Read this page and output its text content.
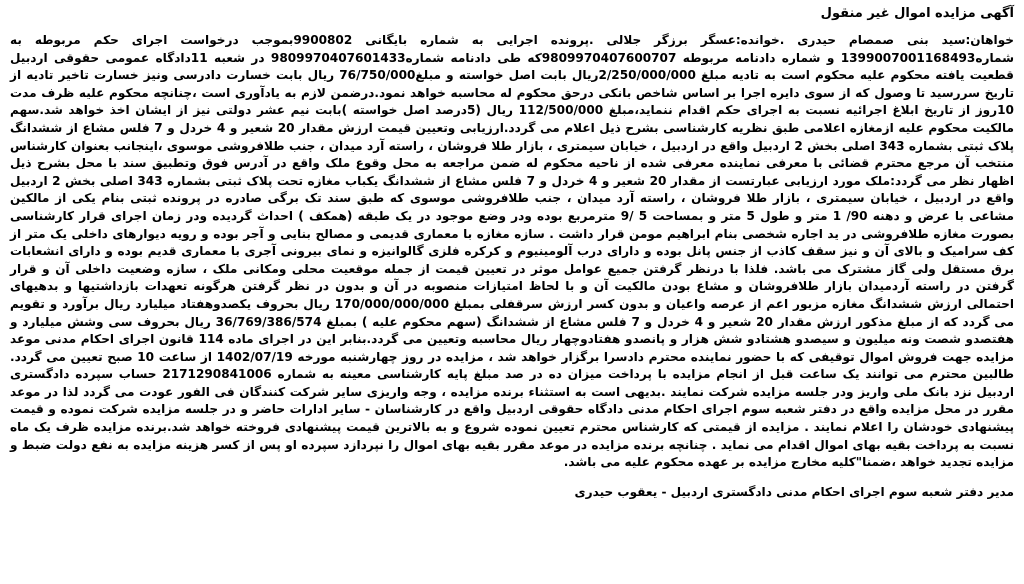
آگهی مزایده اموال غیر منقول

خواهان:سید بنی صمصام حیدری .خوانده:عسگر برزگر جلالی .پرونده اجرایی به شماره بایگانی 9900802بموجب درخواست اجرای حکم مربوطه به شماره1399007001168493 و شماره دادنامه مربوطه 9809970407600707که طی دادنامه شماره9809970407601433 در شعبه 11دادگاه عمومی حقوقی اردبیل قطعیت یافته محکوم علیه محکوم است به تادیه مبلغ 2/250/000/000ریال بابت اصل خواسته و مبلغ76/750/000 ریال بابت خسارت دادرسی ونیز خسارت تاخیر تادیه از تاریخ سررسید تا وصول که از سوی دایره اجرا بر اساس شاخص بانکی درحق محکوم له محاسبه خواهد نمود.درضمن لازم به یادآوری است ،چنانچه محکوم علیه ظرف مدت 10روز از تاریخ ابلاغ اجرائیه نسبت به اجرای حکم اقدام ننماید،مبلغ 112/500/000 ریال (5درصد اصل خواسته )بابت نیم عشر دولتی نیز از ایشان اخذ خواهد شد.سهم مالکیت محکوم علیه ازمغازه اعلامی طبق نظریه کارشناسی بشرح ذیل اعلام می گردد.ارزیابی وتعیین قیمت ارزش مقدار 20 شعیر و 4 خردل و 7 فلس مشاع از ششدانگ پلاک ثبتی بشماره 343 اصلی بخش 2 اردبیل واقع در اردبیل ، خیابان سیمتری ، بازار طلا فروشان ، راسته آرد میدان ، جنب طلافروشی موسوی ،اینجانب بعنوان کارشناس منتخب آن مرجع محترم قضائی با معرفی نماینده معرفی شده از ناحیه محکوم له ضمن مراجعه به محل وقوع ملک واقع در آدرس فوق وتطبیق سند با محل بشرح ذیل اظهار نظر می گردد:ملک مورد ارزیابی عبارتست از مقدار 20 شعیر و 4 خردل و 7 فلس مشاع از ششدانگ یکباب مغازه تحت پلاک ثبتی بشماره 343 اصلی بخش 2 اردبیل واقع در اردبیل ، خیابان سیمتری ، بازار طلا فروشان ، راسته آرد میدان ، جنب طلافروشی موسوی که طبق سند تک برگی صادره در پرونده ثبتی بنام یکی از مالکین مشاعی با عرض و دهنه 90/ 1 متر و طول 5 متر و بمساحت 5 /9 مترمربع بوده ودر وضع موجود در یک طبقه (همکف ) احداث گردیده ودر زمان اجرای قرار کارشناسی بصورت مغازه طلافروشی در ید اجاره شخصی بنام ابراهیم مومن قرار داشت . سازه مغازه با معماری قدیمی و مصالح بنایی و آجر بوده و رویه دیوارهای داخلی یک متر از کف سرامیک و بالای آن و نیز سقف کاذب از جنس پانل بوده و دارای درب آلومینیوم و کرکره فلزی گالوانیزه و نمای بیرونی آجری با معماری قدیم بوده و دارای انشعابات برق مستقل ولی گاز مشترک می باشد. فلذا با درنظر گرفتن جمیع عوامل موثر در تعیین قیمت از جمله موقعیت محلی ومکانی ملک ، سازه وضعیت داخلی آن و قرار گرفتن در راسته آردمیدان بازار طلافروشان و مشاع بودن مالکیت آن و با لحاظ امتیازات منصوبه در آن و بدون در نظر گرفتن هرگونه تعهدات بازداشتیها و بدهیهای احتمالی ارزش ششدانگ مغازه مزبور اعم از عرصه واعیان و بدون کسر ارزش سرقفلی بمبلغ 170/000/000/000 ریال بحروف یکصدوهفتاد میلیارد ریال برآورد و تقویم می گردد که از مبلغ مذکور ارزش مقدار 20 شعیر و 4 خردل و 7 فلس مشاع از ششدانگ (سهم محکوم علیه ) بمبلغ 36/769/386/574 ریال بحروف سی وشش میلیارد و هفتصدو شصت ونه میلیون و سیصدو هشتادو شش هزار و پانصدو هفتادوچهار ریال محاسبه وتعیین می گردد.بنابر این در اجرای ماده 114 قانون اجرای احکام مدنی موعد مزایده جهت فروش اموال توقیفی که با حضور نماینده محترم دادسرا برگزار خواهد شد ، مزایده در روز چهارشنبه مورخه 1402/07/19 از ساعت 10 صبح تعیین می گردد. طالبین محترم می توانند یک ساعت قبل از انجام مزایده با پرداخت میزان ده در صد مبلغ پایه کارشناسی معینه به شماره 2171290841006 حساب سپرده دادگستری اردبیل نزد بانک ملی واریز ودر جلسه مزایده شرکت نمایند .بدیهی است به استثناء برنده مزایده ، وجه واریزی سایر شرکت کنندگان فی الفور عودت می گردد لذا در موعد مقرر در محل مزایده واقع در دفتر شعبه سوم اجرای احکام مدنی دادگاه حقوقی اردبیل واقع در کارشناسان - سایر ادارات حاضر و در جلسه مزایده شرکت نموده و قیمت پیشنهادی خودشان را اعلام نمایند . مزایده از قیمتی که کارشناس محترم تعیین نموده شروع و به بالاترین قیمت پیشنهادی فروخته خواهد شد.برنده مزایده ظرف یک ماه نسبت به پرداخت بقیه بهای اموال اقدام می نماید . چنانچه برنده مزایده در موعد مقرر بقیه بهای اموال را نپردازد سپرده او پس از کسر هزینه مزایده به نفع دولت ضبط و مزایده تجدید خواهد ،ضمنا"کلیه مخارج مزایده بر عهده محکوم علیه می باشد.

مدیر دفتر شعبه سوم اجرای احکام مدنی دادگستری اردبیل - یعقوب حیدری
